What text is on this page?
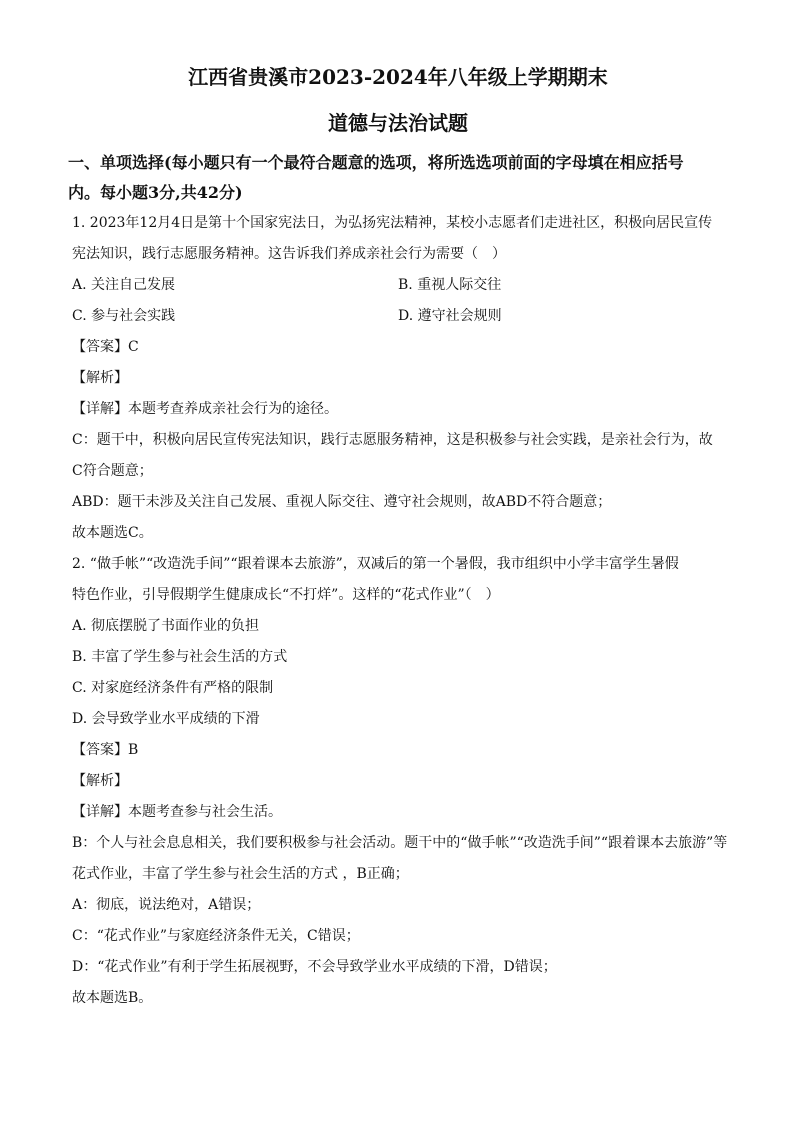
江西省贵溪市2023-2024年八年级上学期期末
道德与法治试题
一、单项选择(每小题只有一个最符合题意的选项，将所选选项前面的字母填在相应括号
内。每小题3分,共42分)
1. 2023年12月4日是第十个国家宪法日，为弘扬宪法精神，某校小志愿者们走进社区，积极向居民宣传
宪法知识，践行志愿服务精神。这告诉我们养成亲社会行为需要（　）
A. 关注自己发展	B. 重视人际交往
C. 参与社会实践	D. 遵守社会规则
【答案】C
【解析】
【详解】本题考查养成亲社会行为的途径。
C：题干中，积极向居民宣传宪法知识，践行志愿服务精神，这是积极参与社会实践，是亲社会行为，故
C符合题意；
ABD：题干未涉及关注自己发展、重视人际交往、遵守社会规则，故ABD不符合题意；
故本题选C。
2. “做手帐”“改造洗手间”“跟着课本去旅游”，双减后的第一个暑假，我市组织中小学丰富学生暑假
特色作业，引导假期学生健康成长“不打烊”。这样的“花式作业”（　）
A. 彻底摆脱了书面作业的负担
B. 丰富了学生参与社会生活的方式
C. 对家庭经济条件有严格的限制
D. 会导致学业水平成绩的下滑
【答案】B
【解析】
【详解】本题考查参与社会生活。
B：个人与社会息息相关，我们要积极参与社会活动。题干中的“做手帐”“改造洗手间”“跟着课本去旅游”等
花式作业，丰富了学生参与社会生活的方式 ，B正确；
A：彻底，说法绝对，A错误；
C：“花式作业”与家庭经济条件无关，C错误；
D：“花式作业”有利于学生拓展视野，不会导致学业水平成绩的下滑，D错误；
故本题选B。
